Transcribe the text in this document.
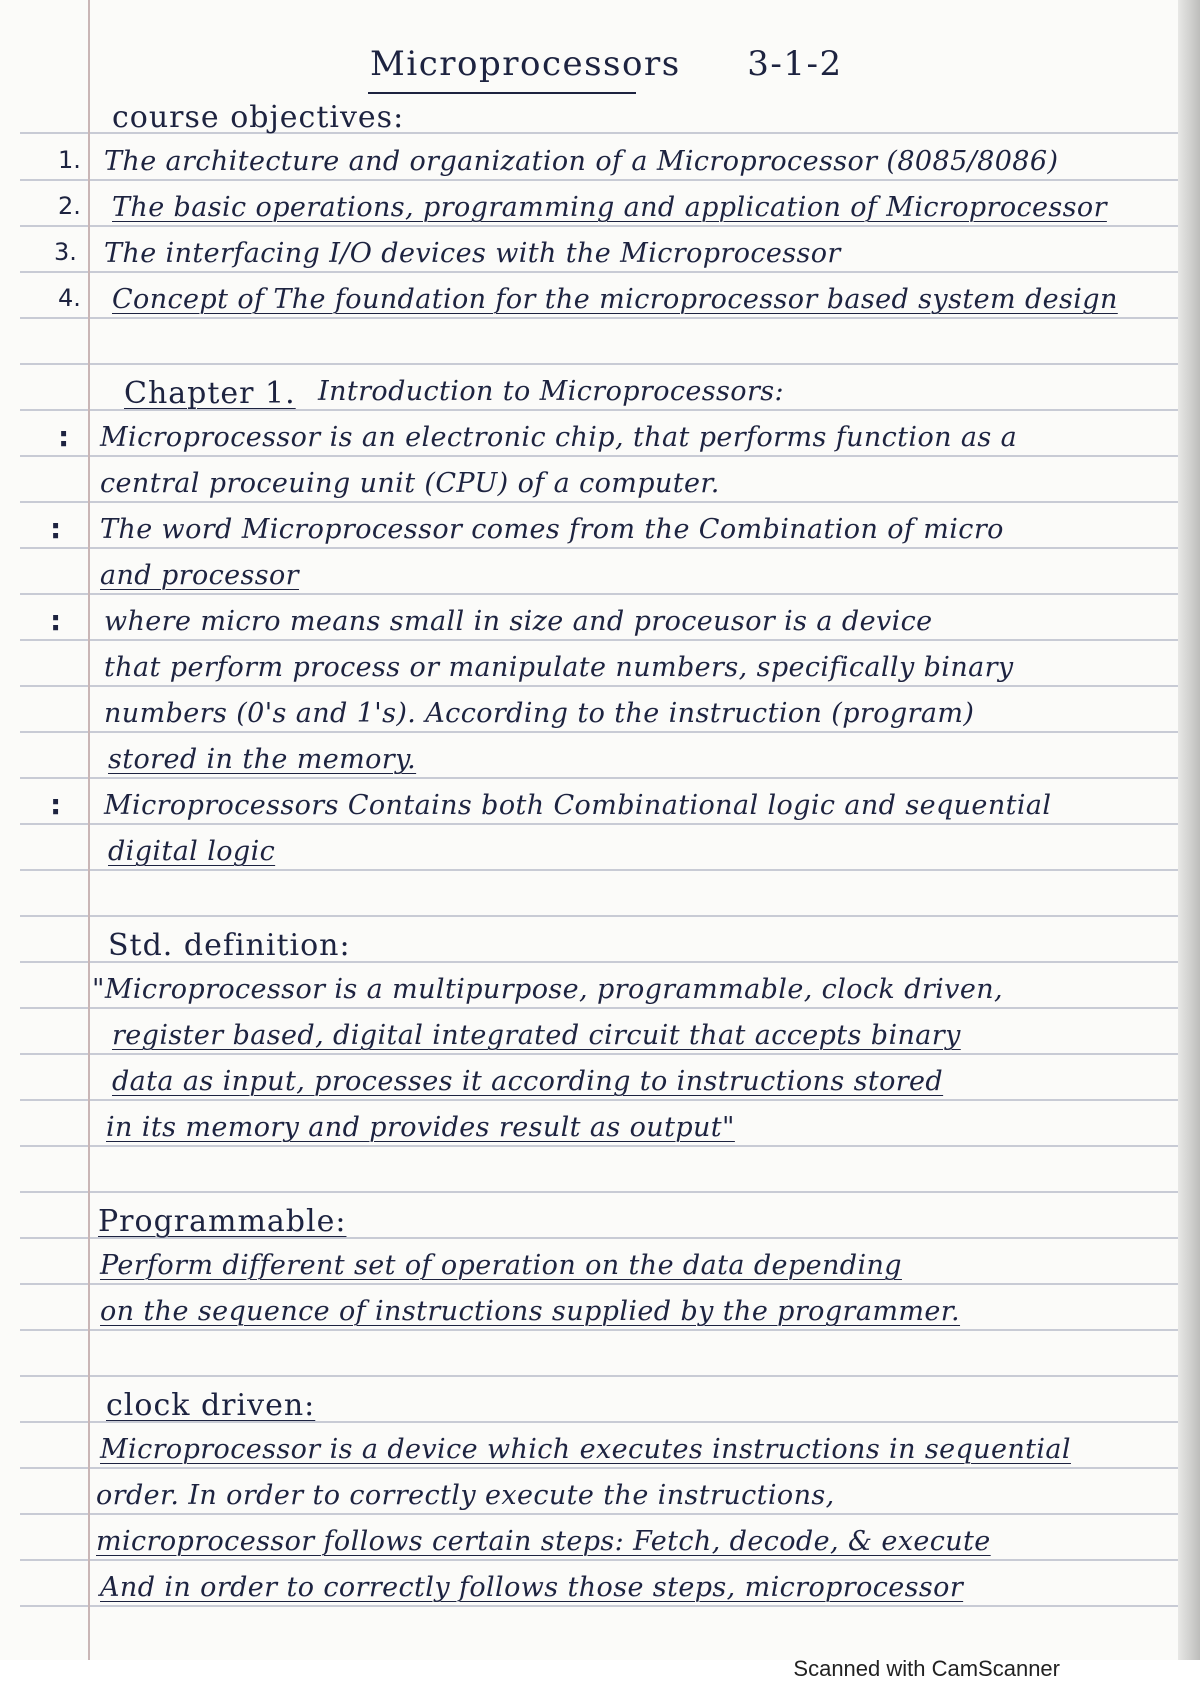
Microprocessors 3-1-2
course objectives:
1. The architecture and organization of a Microprocessor (8085/8086)
2. The basic operations, programming and application of Microprocessor
3. The interfacing I/O devices with the Microprocessor
4. Concept of The foundation for the microprocessor based system design
Chapter 1. Introduction to Microprocessors:
: Microprocessor is an electronic chip, that performs function as a
central proceuing unit (CPU) of a computer.
: The word Microprocessor comes from the Combination of micro
and processor
: where micro means small in size and proceusor is a device
that perform process or manipulate numbers, specifically binary
numbers (0's and 1's). According to the instruction (program)
stored in the memory.
: Microprocessors Contains both Combinational logic and sequential
digital logic
Std. definition:
"Microprocessor is a multipurpose, programmable, clock driven,
register based, digital integrated circuit that accepts binary
data as input, processes it according to instructions stored
in its memory and provides result as output"
Programmable:
Perform different set of operation on the data depending
on the sequence of instructions supplied by the programmer.
clock driven:
Microprocessor is a device which executes instructions in sequential
order. In order to correctly execute the instructions,
microprocessor follows certain steps: Fetch, decode, & execute
And in order to correctly follows those steps, microprocessor
Scanned with CamScanner
